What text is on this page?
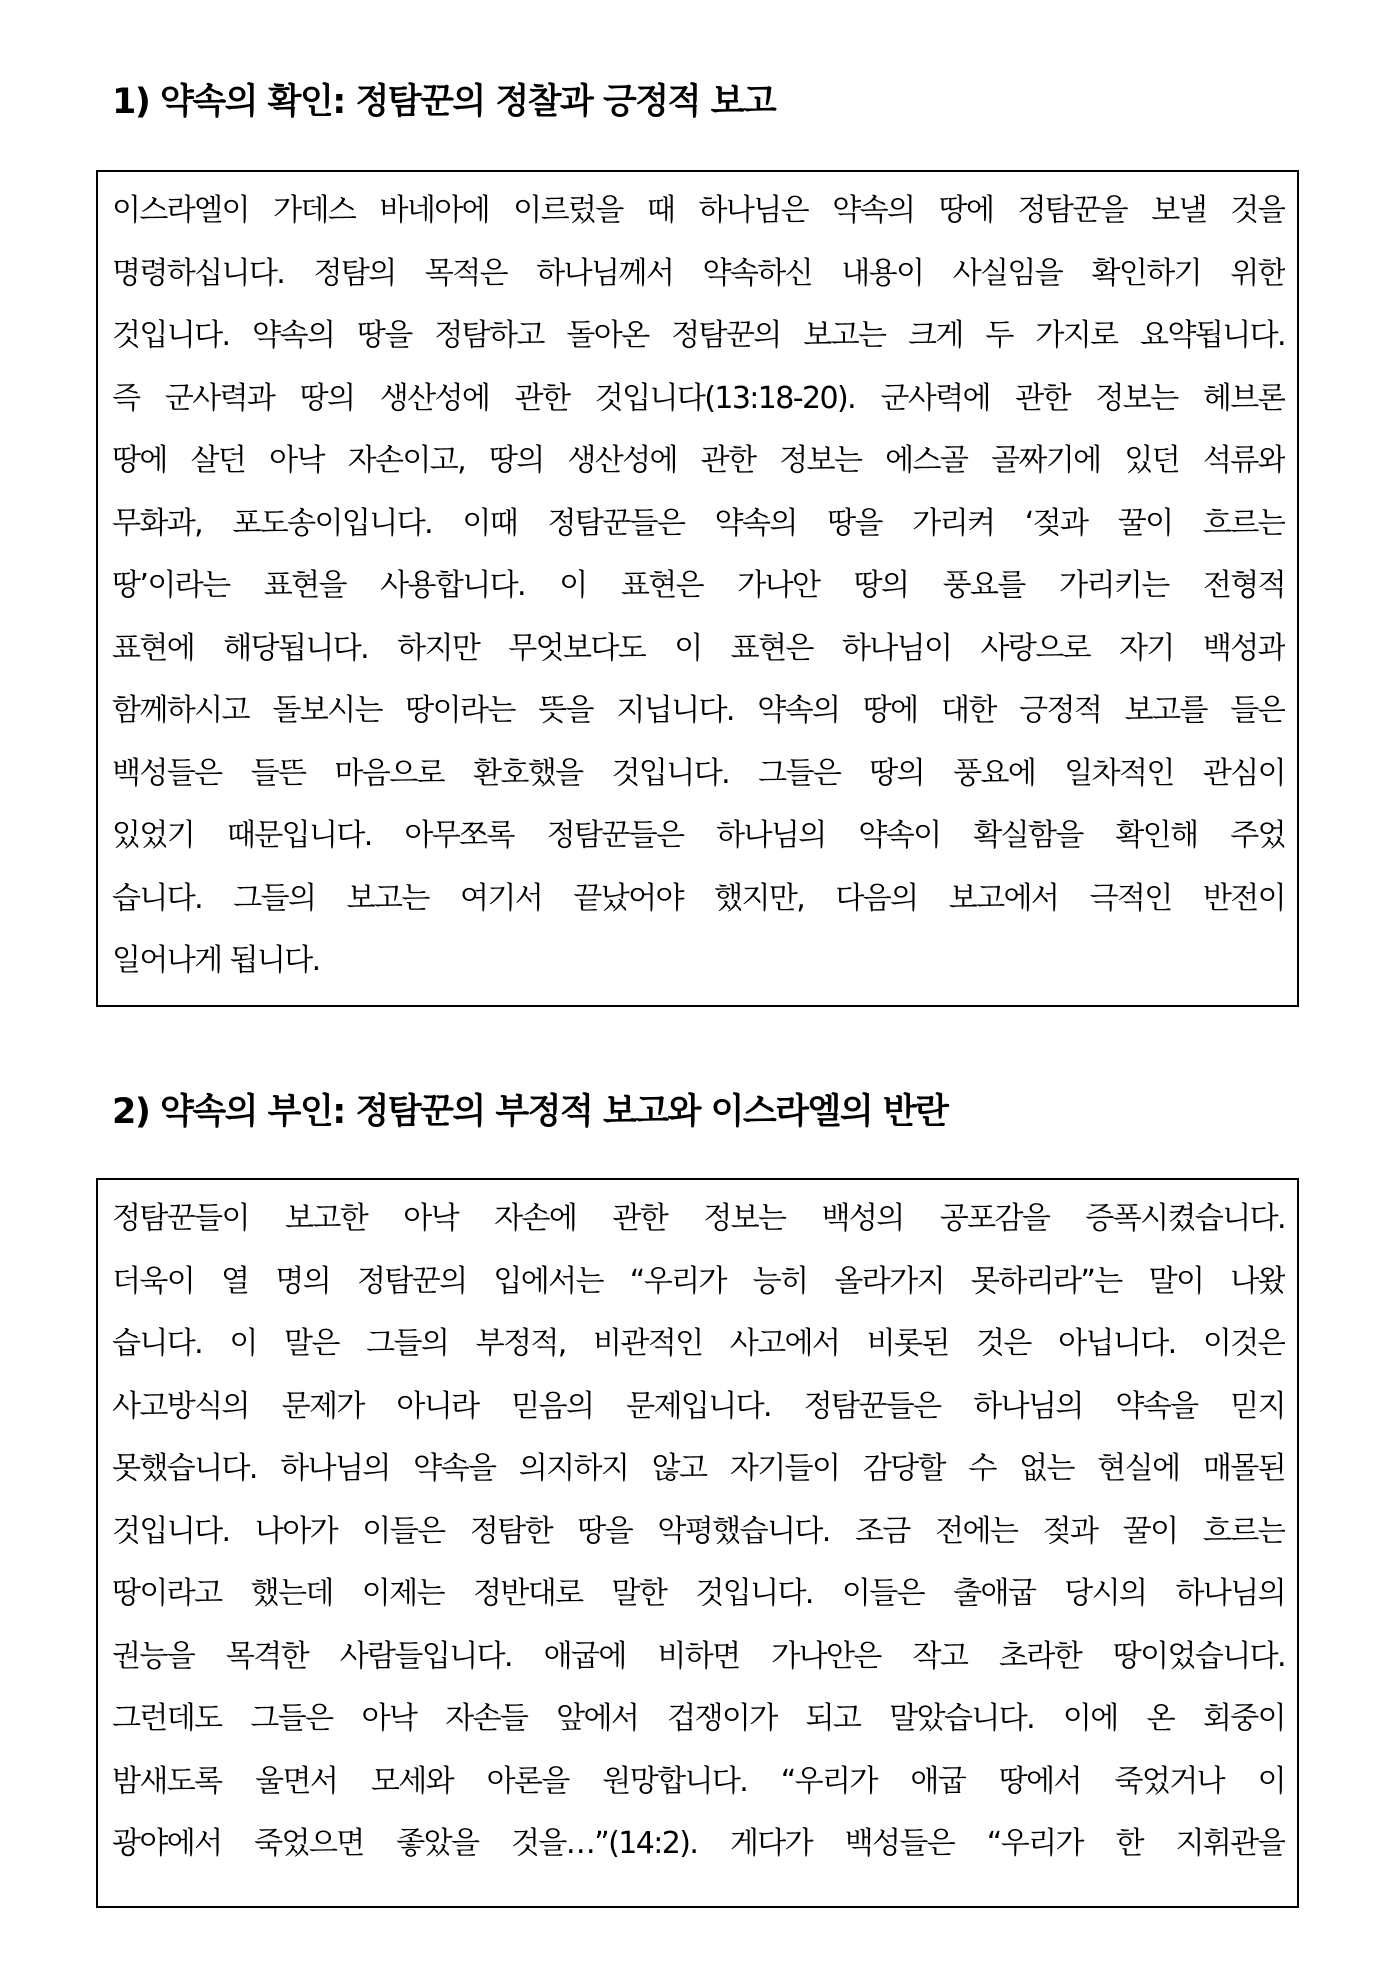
1) 약속의 확인: 정탐꾼의 정찰과 긍정적 보고
이스라엘이 가데스 바네아에 이르렀을 때 하나님은 약속의 땅에 정탐꾼을 보낼 것을
명령하십니다. 정탐의 목적은 하나님께서 약속하신 내용이 사실임을 확인하기 위한
것입니다. 약속의 땅을 정탐하고 돌아온 정탐꾼의 보고는 크게 두 가지로 요약됩니다.
즉 군사력과 땅의 생산성에 관한 것입니다(13:18-20). 군사력에 관한 정보는 헤브론
땅에 살던 아낙 자손이고, 땅의 생산성에 관한 정보는 에스골 골짜기에 있던 석류와
무화과, 포도송이입니다. 이때 정탐꾼들은 약속의 땅을 가리켜 ‘젖과 꿀이 흐르는
땅’이라는 표현을 사용합니다. 이 표현은 가나안 땅의 풍요를 가리키는 전형적
표현에 해당됩니다. 하지만 무엇보다도 이 표현은 하나님이 사랑으로 자기 백성과
함께하시고 돌보시는 땅이라는 뜻을 지닙니다. 약속의 땅에 대한 긍정적 보고를 들은
백성들은 들뜬 마음으로 환호했을 것입니다. 그들은 땅의 풍요에 일차적인 관심이
있었기 때문입니다. 아무쪼록 정탐꾼들은 하나님의 약속이 확실함을 확인해 주었
습니다. 그들의 보고는 여기서 끝났어야 했지만, 다음의 보고에서 극적인 반전이
일어나게 됩니다.
2) 약속의 부인: 정탐꾼의 부정적 보고와 이스라엘의 반란
정탐꾼들이 보고한 아낙 자손에 관한 정보는 백성의 공포감을 증폭시켰습니다.
더욱이 열 명의 정탐꾼의 입에서는 “우리가 능히 올라가지 못하리라”는 말이 나왔
습니다. 이 말은 그들의 부정적, 비관적인 사고에서 비롯된 것은 아닙니다. 이것은
사고방식의 문제가 아니라 믿음의 문제입니다. 정탐꾼들은 하나님의 약속을 믿지
못했습니다. 하나님의 약속을 의지하지 않고 자기들이 감당할 수 없는 현실에 매몰된
것입니다. 나아가 이들은 정탐한 땅을 악평했습니다. 조금 전에는 젖과 꿀이 흐르는
땅이라고 했는데 이제는 정반대로 말한 것입니다. 이들은 출애굽 당시의 하나님의
권능을 목격한 사람들입니다. 애굽에 비하면 가나안은 작고 초라한 땅이었습니다.
그런데도 그들은 아낙 자손들 앞에서 겁쟁이가 되고 말았습니다. 이에 온 회중이
밤새도록 울면서 모세와 아론을 원망합니다. “우리가 애굽 땅에서 죽었거나 이
광야에서 죽었으면 좋았을 것을…”(14:2). 게다가 백성들은 “우리가 한 지휘관을
